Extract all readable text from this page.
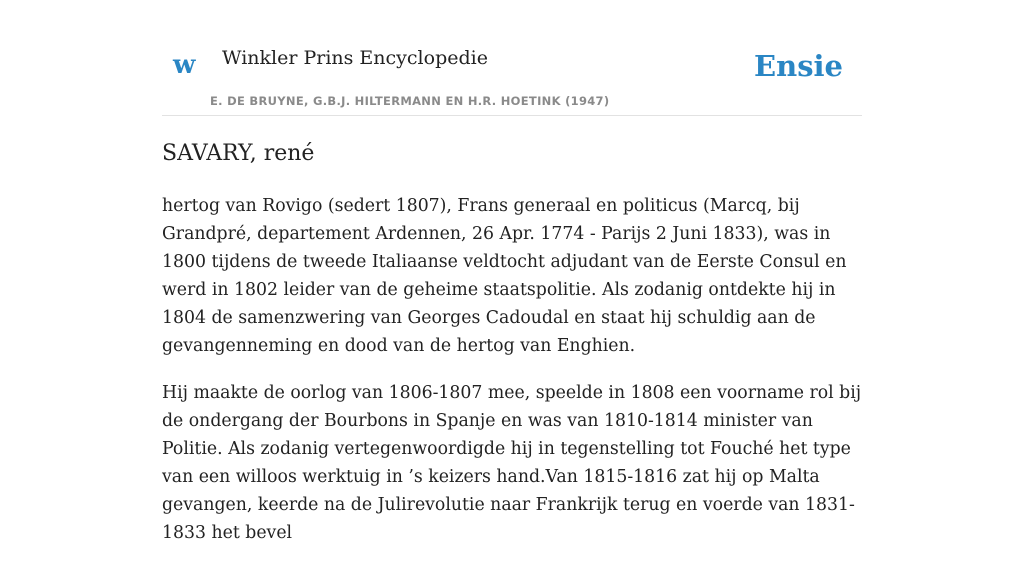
w Winkler Prins Encyclopedie
E. DE BRUYNE, G.B.J. HILTERMANN EN H.R. HOETINK (1947)
Ensie
SAVARY, rené

hertog van Rovigo (sedert 1807), Frans generaal en politicus (Marcq, bij Grandpré, departement Ardennen, 26 Apr. 1774 - Parijs 2 Juni 1833), was in 1800 tijdens de tweede Italiaanse veldtocht adjudant van de Eerste Consul en werd in 1802 leider van de geheime staatspolitie. Als zodanig ontdekte hij in 1804 de samenzwering van Georges Cadoudal en staat hij schuldig aan de gevangenneming en dood van de hertog van Enghien.

Hij maakte de oorlog van 1806-1807 mee, speelde in 1808 een voorname rol bij de ondergang der Bourbons in Spanje en was van 1810-1814 minister van Politie. Als zodanig vertegenwoordigde hij in tegenstelling tot Fouché het type van een willoos werktuig in ’s keizers hand.Van 1815-1816 zat hij op Malta gevangen, keerde na de Julirevolutie naar Frankrijk terug en voerde van 1831-1833 het bevel
